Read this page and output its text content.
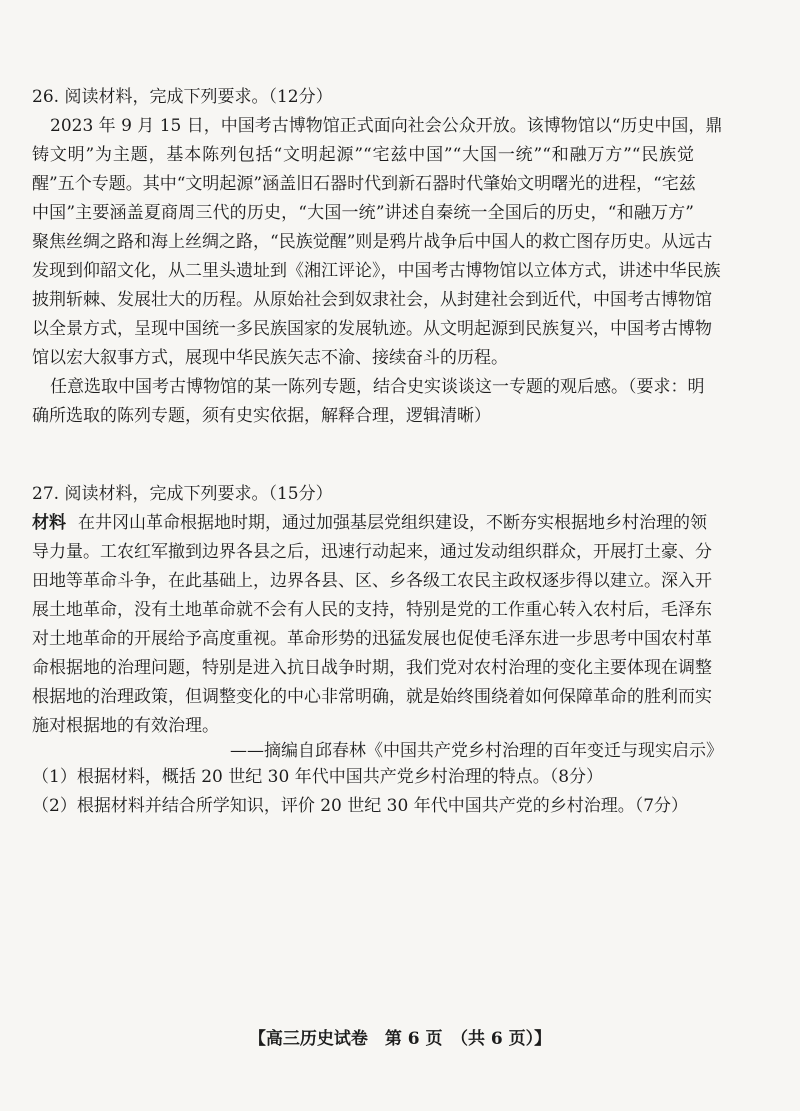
26. 阅读材料，完成下列要求。（12分）
2023 年 9 月 15 日，中国考古博物馆正式面向社会公众开放。该博物馆以“历史中国，鼎
铸文明”为主题，基本陈列包括“文明起源”“宅兹中国”“大国一统”“和融万方”“民族觉
醒”五个专题。其中“文明起源”涵盖旧石器时代到新石器时代肇始文明曙光的进程，“宅兹
中国”主要涵盖夏商周三代的历史，“大国一统”讲述自秦统一全国后的历史，“和融万方”
聚焦丝绸之路和海上丝绸之路，“民族觉醒”则是鸦片战争后中国人的救亡图存历史。从远古
发现到仰韶文化，从二里头遗址到《湘江评论》，中国考古博物馆以立体方式，讲述中华民族
披荆斩棘、发展壮大的历程。从原始社会到奴隶社会，从封建社会到近代，中国考古博物馆
以全景方式，呈现中国统一多民族国家的发展轨迹。从文明起源到民族复兴，中国考古博物
馆以宏大叙事方式，展现中华民族矢志不渝、接续奋斗的历程。
任意选取中国考古博物馆的某一陈列专题，结合史实谈谈这一专题的观后感。（要求：明
确所选取的陈列专题，须有史实依据，解释合理，逻辑清晰）
27. 阅读材料，完成下列要求。（15分）
材料 在井冈山革命根据地时期，通过加强基层党组织建设，不断夯实根据地乡村治理的领
导力量。工农红军撤到边界各县之后，迅速行动起来，通过发动组织群众，开展打土豪、分
田地等革命斗争，在此基础上，边界各县、区、乡各级工农民主政权逐步得以建立。深入开
展土地革命，没有土地革命就不会有人民的支持，特别是党的工作重心转入农村后，毛泽东
对土地革命的开展给予高度重视。革命形势的迅猛发展也促使毛泽东进一步思考中国农村革
命根据地的治理问题，特别是进入抗日战争时期，我们党对农村治理的变化主要体现在调整
根据地的治理政策，但调整变化的中心非常明确，就是始终围绕着如何保障革命的胜利而实
施对根据地的有效治理。
——摘编自邱春林《中国共产党乡村治理的百年变迁与现实启示》
（1）根据材料，概括 20 世纪 30 年代中国共产党乡村治理的特点。（8分）
（2）根据材料并结合所学知识，评价 20 世纪 30 年代中国共产党的乡村治理。（7分）
【高三历史试卷　第 6 页　（共 6 页）】
